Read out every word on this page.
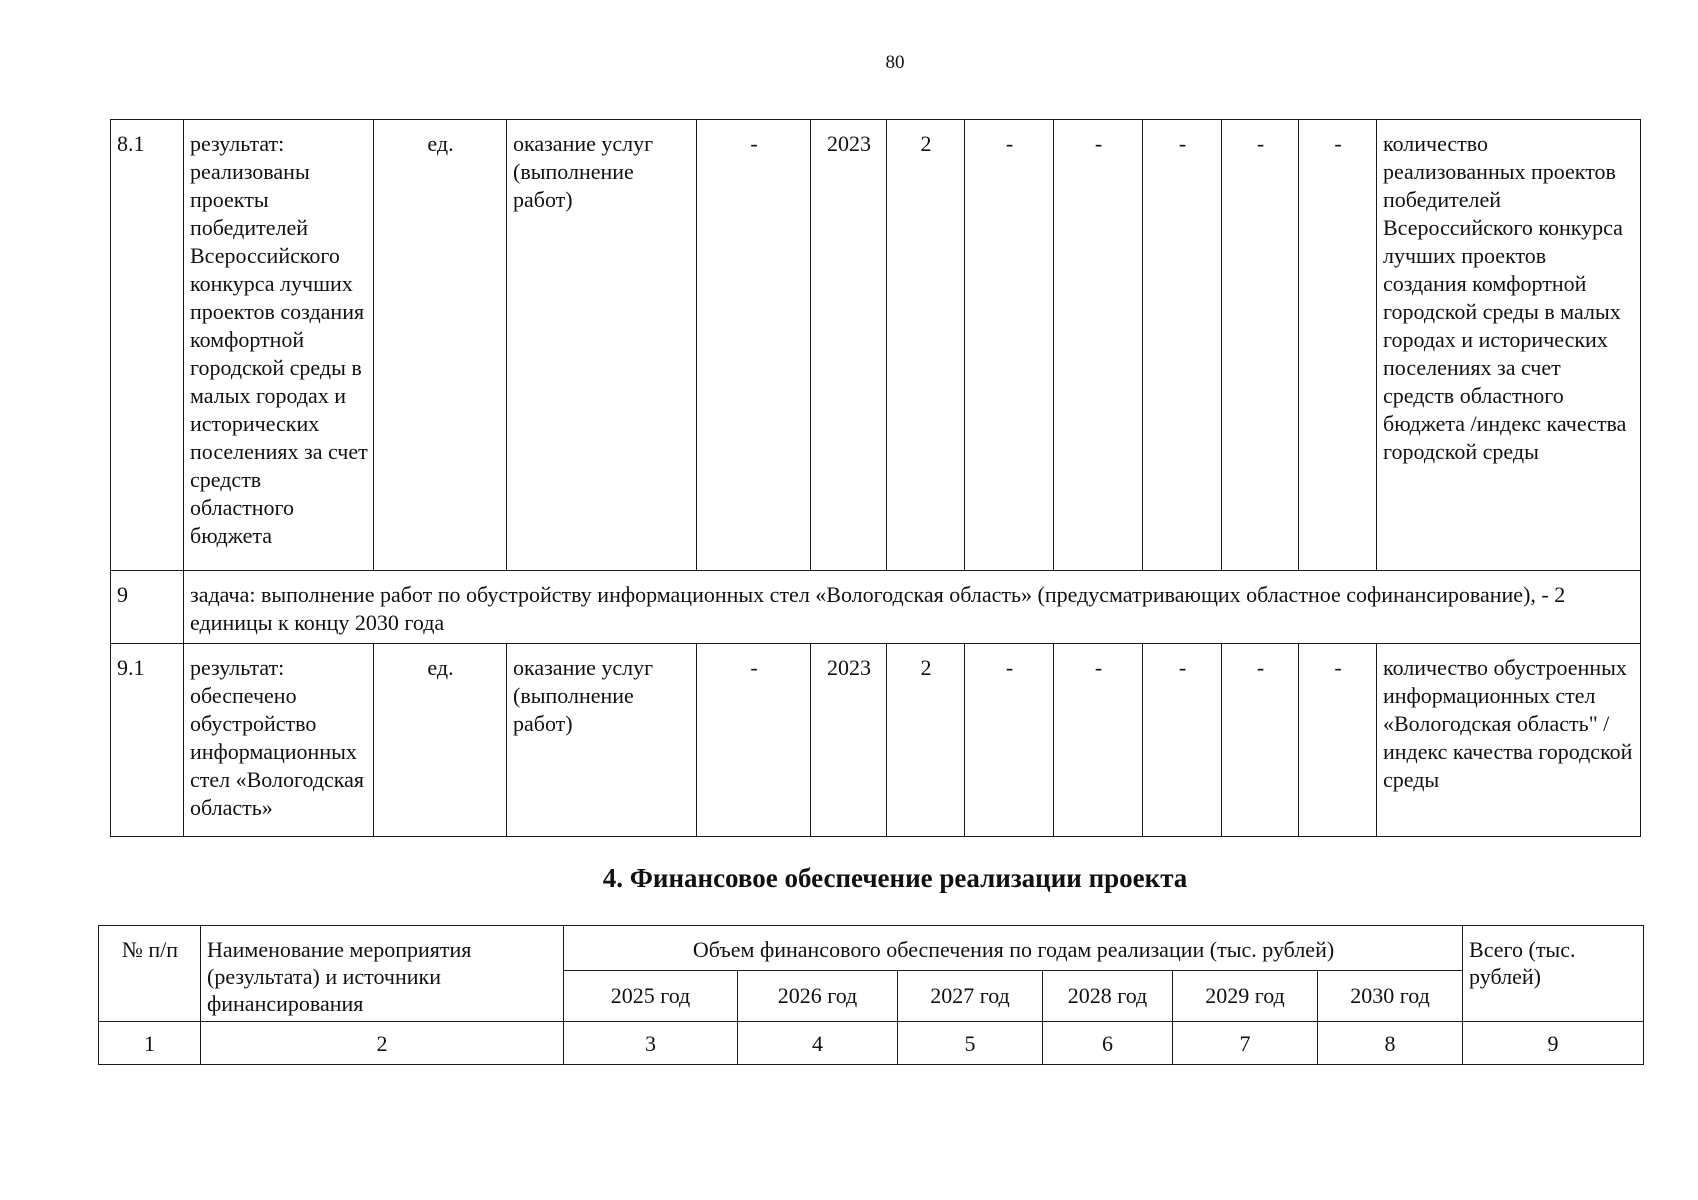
80
8.1	результат: реализованы проекты победителей Всероссийского конкурса лучших проектов создания комфортной городской среды в малых городах и исторических поселениях за счет средств областного бюджета	ед.	оказание услуг (выполнение работ)	-	2023	2	-	-	-	-	-	количество реализованных проектов победителей Всероссийского конкурса лучших проектов создания комфортной городской среды в малых городах и исторических поселениях за счет средств областного бюджета /индекс качества городской среды
9	задача: выполнение работ по обустройству информационных стел «Вологодская область» (предусматривающих областное софинансирование), - 2 единицы к концу 2030 года											
9.1	результат: обеспечено обустройство информационных стел «Вологодская область»	ед.	оказание услуг (выполнение работ)	-	2023	2	-	-	-	-	-	количество обустроенных информационных стел «Вологодская область" /индекс качества городской среды
4. Финансовое обеспечение реализации проекта
№ п/п	Наименование мероприятия (результата) и источники финансирования	Объем финансового обеспечения по годам реализации (тыс. рублей)						Всего (тыс. рублей)
		2025 год	2026 год	2027 год	2028 год	2029 год	2030 год	
1	2	3	4	5	6	7	8	9
